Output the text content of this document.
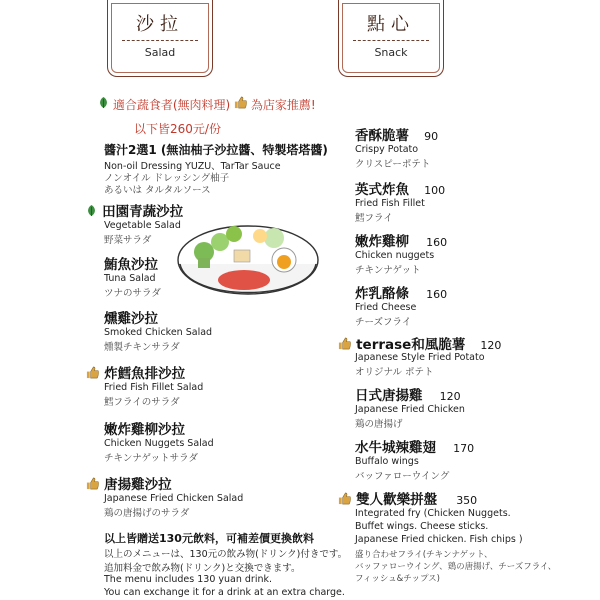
沙拉
Salad
點心
Snack
適合蔬食者(無肉料理) 為店家推薦!
以下皆260元/份
醬汁2選1 (無油柚子沙拉醬、特製塔塔醬)
Non-oil Dressing YUZU、TarTar Sauce
ノンオイル ドレッシング柚子
あるいは タルタルソース
田園青蔬沙拉
Vegetable Salad
野菜サラダ
鮪魚沙拉
Tuna Salad
ツナのサラダ
燻雞沙拉
Smoked Chicken Salad
燻製チキンサラダ
炸鱈魚排沙拉
Fried Fish Fillet Salad
鱈フライのサラダ
嫩炸雞柳沙拉
Chicken Nuggets Salad
チキンナゲットサラダ
唐揚雞沙拉
Japanese Fried Chicken Salad
鶏の唐揚げのサラダ
香酥脆薯 90
Crispy Potato
クリスピーポテト
英式炸魚 100
Fried Fish Fillet
鱈フライ
嫩炸雞柳 160
Chicken nuggets
チキンナゲット
炸乳酪條 160
Fried Cheese
チーズフライ
terrase和風脆薯 120
Japanese Style Fried Potato
オリジナル ポテト
日式唐揚雞 120
Japanese Fried Chicken
鶏の唐揚げ
水牛城辣雞翅 170
Buffalo wings
バッファローウイング
雙人歡樂拼盤 350
Integrated fry (Chicken Nuggets.
Buffet wings. Cheese sticks.
Japanese Fried chicken. Fish chips )
盛り合わせフライ(チキンナゲット、
バッファローウイング、鶏の唐揚げ、チーズフライ、
フィッシュ&チップス)
以上皆贈送130元飲料，可補差價更換飲料
以上のメニューは、130元の飲み物(ドリンク)付きです。
追加料金で飲み物(ドリンク)と交換できます。
The menu includes 130 yuan drink.
You can exchange it for a drink at an extra charge.
